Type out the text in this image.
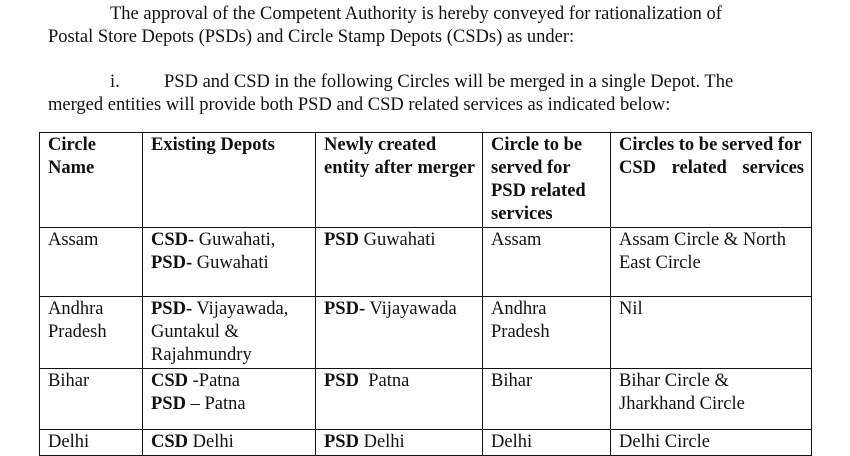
The approval of the Competent Authority is hereby conveyed for rationalization of
Postal Store Depots (PSDs) and Circle Stamp Depots (CSDs) as under:
i. PSD and CSD in the following Circles will be merged in a single Depot. The
merged entities will provide both PSD and CSD related services as indicated below:
Circle Name	Existing Depots	Newly created entity after merger	Circle to be served for PSD related services	Circles to be served for CSD related services
Assam	CSD- Guwahati,
PSD- Guwahati	PSD Guwahati	Assam	Assam Circle & North East Circle
Andhra Pradesh	PSD- Vijayawada, Guntakul & Rajahmundry	PSD- Vijayawada	Andhra Pradesh	Nil
Bihar	CSD -Patna
PSD – Patna	PSD  Patna	Bihar	Bihar Circle & Jharkhand Circle
Delhi	CSD Delhi	PSD Delhi	Delhi	Delhi Circle
